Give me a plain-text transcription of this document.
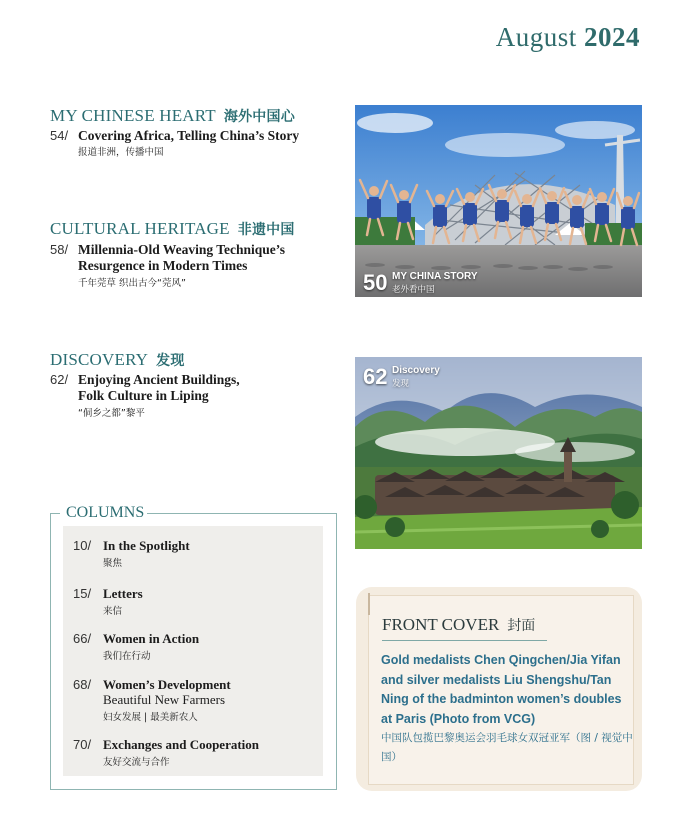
August 2024
MY CHINESE HEART 海外中国心
54/ Covering Africa, Telling China’s Story
报道非洲，传播中国
CULTURAL HERITAGE 非遗中国
58/ Millennia-Old Weaving Technique’s
Resurgence in Modern Times
千年莞草 织出古今“莞风”
DISCOVERY 发现
62/ Enjoying Ancient Buildings,
Folk Culture in Liping
“侗乡之都”黎平
50 MY CHINA STORY
老外看中国
62 Discovery
发现
COLUMNS
10/ In the Spotlight
聚焦
15/ Letters
来信
66/ Women in Action
我们在行动
68/ Women’s Development
Beautiful New Farmers
妇女发展 | 最美新农人
70/ Exchanges and Cooperation
友好交流与合作
FRONT COVER 封面
Gold medalists Chen Qingchen/Jia Yifan and silver medalists Liu Shengshu/Tan Ning of the badminton women’s doubles at Paris (Photo from VCG)
中国队包揽巴黎奥运会羽毛球女双冠亚军（图 / 视觉中国）
